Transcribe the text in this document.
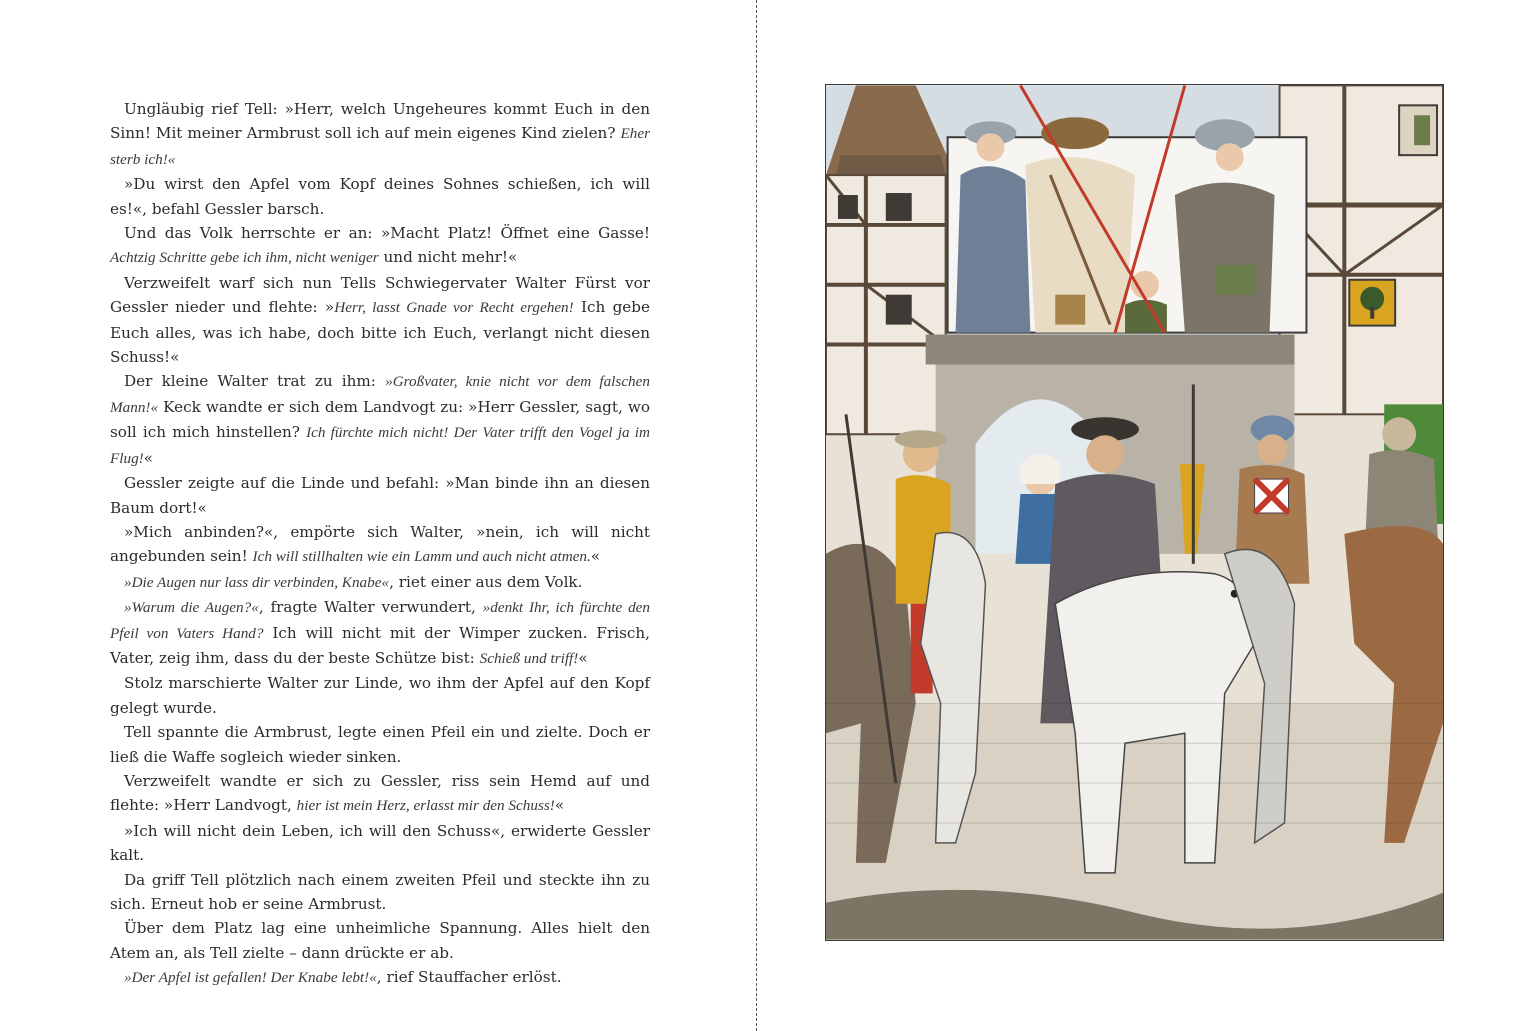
Ungläubig rief Tell: »Herr, welch Ungeheures kommt Euch in den Sinn! Mit meiner Armbrust soll ich auf mein eigenes Kind zielen? Eher sterb ich!«

»Du wirst den Apfel vom Kopf deines Sohnes schießen, ich will es!«, befahl Gessler barsch.

Und das Volk herrschte er an: »Macht Platz! Öffnet eine Gasse! Achtzig Schritte gebe ich ihm, nicht weniger und nicht mehr!«

Verzweifelt warf sich nun Tells Schwiegervater Walter Fürst vor Gessler nieder und flehte: »Herr, lasst Gnade vor Recht ergehen! Ich gebe Euch alles, was ich habe, doch bitte ich Euch, verlangt nicht diesen Schuss!«

Der kleine Walter trat zu ihm: »Großvater, knie nicht vor dem falschen Mann!« Keck wandte er sich dem Landvogt zu: »Herr Gessler, sagt, wo soll ich mich hinstellen? Ich fürchte mich nicht! Der Vater trifft den Vogel ja im Flug!«

Gessler zeigte auf die Linde und befahl: »Man binde ihn an diesen Baum dort!«

»Mich anbinden?«, empörte sich Walter, »nein, ich will nicht angebunden sein! Ich will stillhalten wie ein Lamm und auch nicht atmen.«

»Die Augen nur lass dir verbinden, Knabe«, riet einer aus dem Volk.

»Warum die Augen?«, fragte Walter verwundert, »denkt Ihr, ich fürchte den Pfeil von Vaters Hand? Ich will nicht mit der Wimper zucken. Frisch, Vater, zeig ihm, dass du der beste Schütze bist: Schieß und triff!«

Stolz marschierte Walter zur Linde, wo ihm der Apfel auf den Kopf gelegt wurde.

Tell spannte die Armbrust, legte einen Pfeil ein und zielte. Doch er ließ die Waffe sogleich wieder sinken.

Verzweifelt wandte er sich zu Gessler, riss sein Hemd auf und flehte: »Herr Landvogt, hier ist mein Herz, erlasst mir den Schuss!«

»Ich will nicht dein Leben, ich will den Schuss«, erwiderte Gessler kalt.

Da griff Tell plötzlich nach einem zweiten Pfeil und steckte ihn zu sich. Erneut hob er seine Armbrust.

Über dem Platz lag eine unheimliche Spannung. Alles hielt den Atem an, als Tell zielte – dann drückte er ab.

»Der Apfel ist gefallen! Der Knabe lebt!«, rief Stauffacher erlöst.
